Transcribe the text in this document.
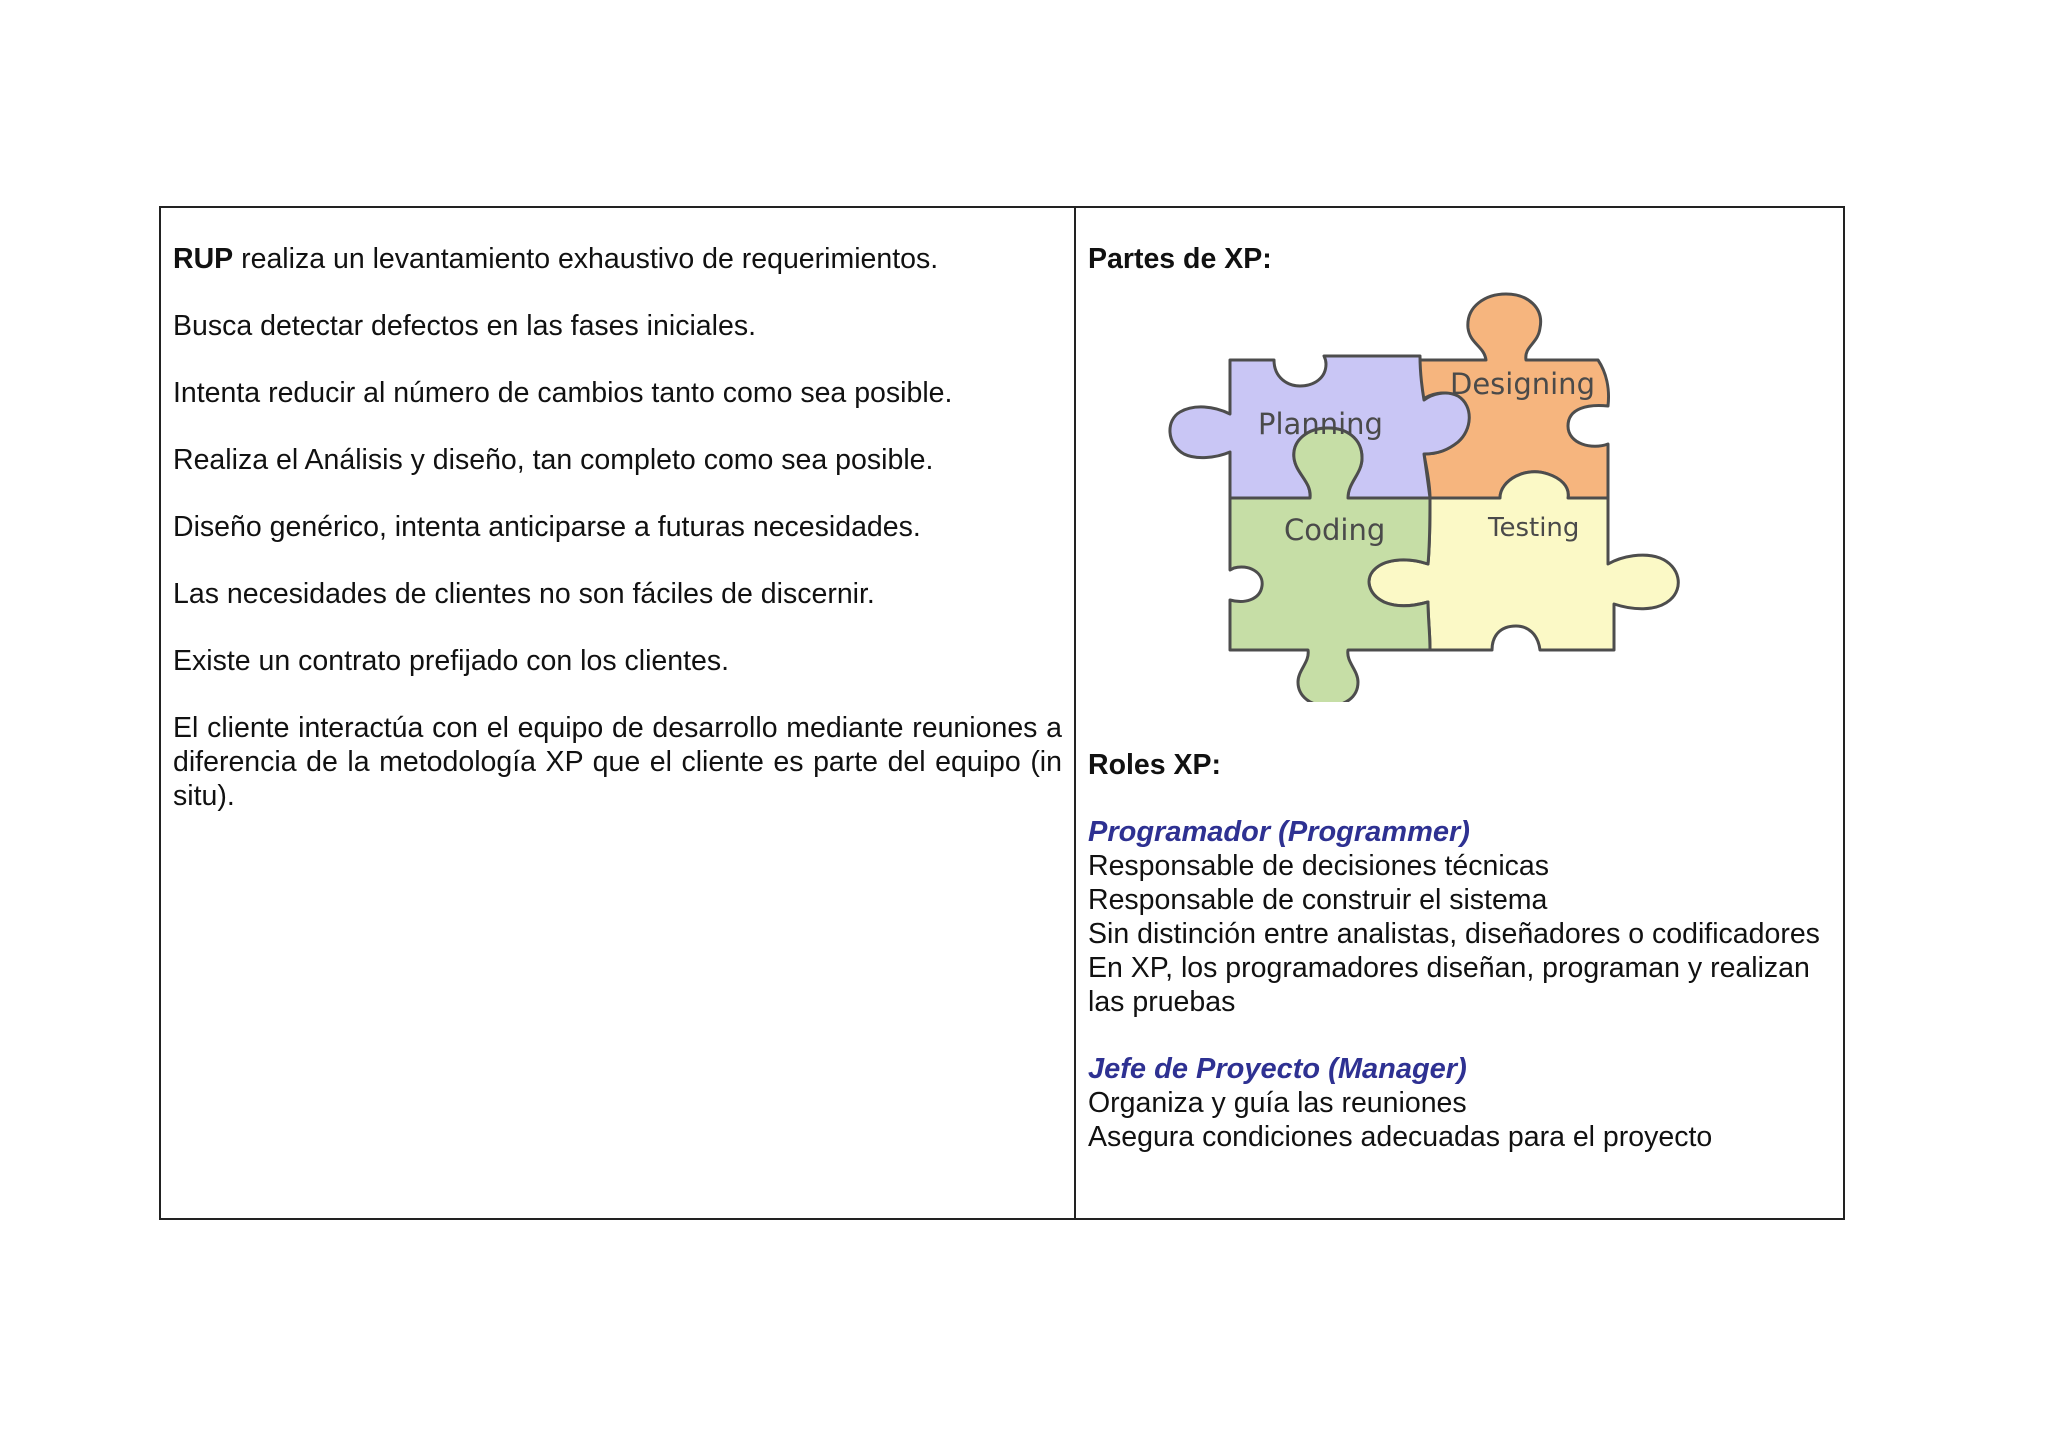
RUP realiza un levantamiento exhaustivo de requerimientos.

Busca detectar defectos en las fases iniciales.

Intenta reducir al número de cambios tanto como sea posible.

Realiza el Análisis y diseño, tan completo como sea posible.

Diseño genérico, intenta anticiparse a futuras necesidades.

Las necesidades de clientes no son fáciles de discernir.

Existe un contrato prefijado con los clientes.

El cliente interactúa con el equipo de desarrollo mediante reuniones a diferencia de la metodología XP que el cliente es parte del equipo (in situ).

Partes de XP:

Planning
Designing
Coding	Testing

Roles XP:

Programador (Programmer)

Responsable de decisiones técnicas

Responsable de construir el sistema

Sin distinción entre analistas, diseñadores o codificadores

En XP, los programadores diseñan, programan y realizan las pruebas

Jefe de Proyecto (Manager)

Organiza y guía las reuniones

Asegura condiciones adecuadas para el proyecto
